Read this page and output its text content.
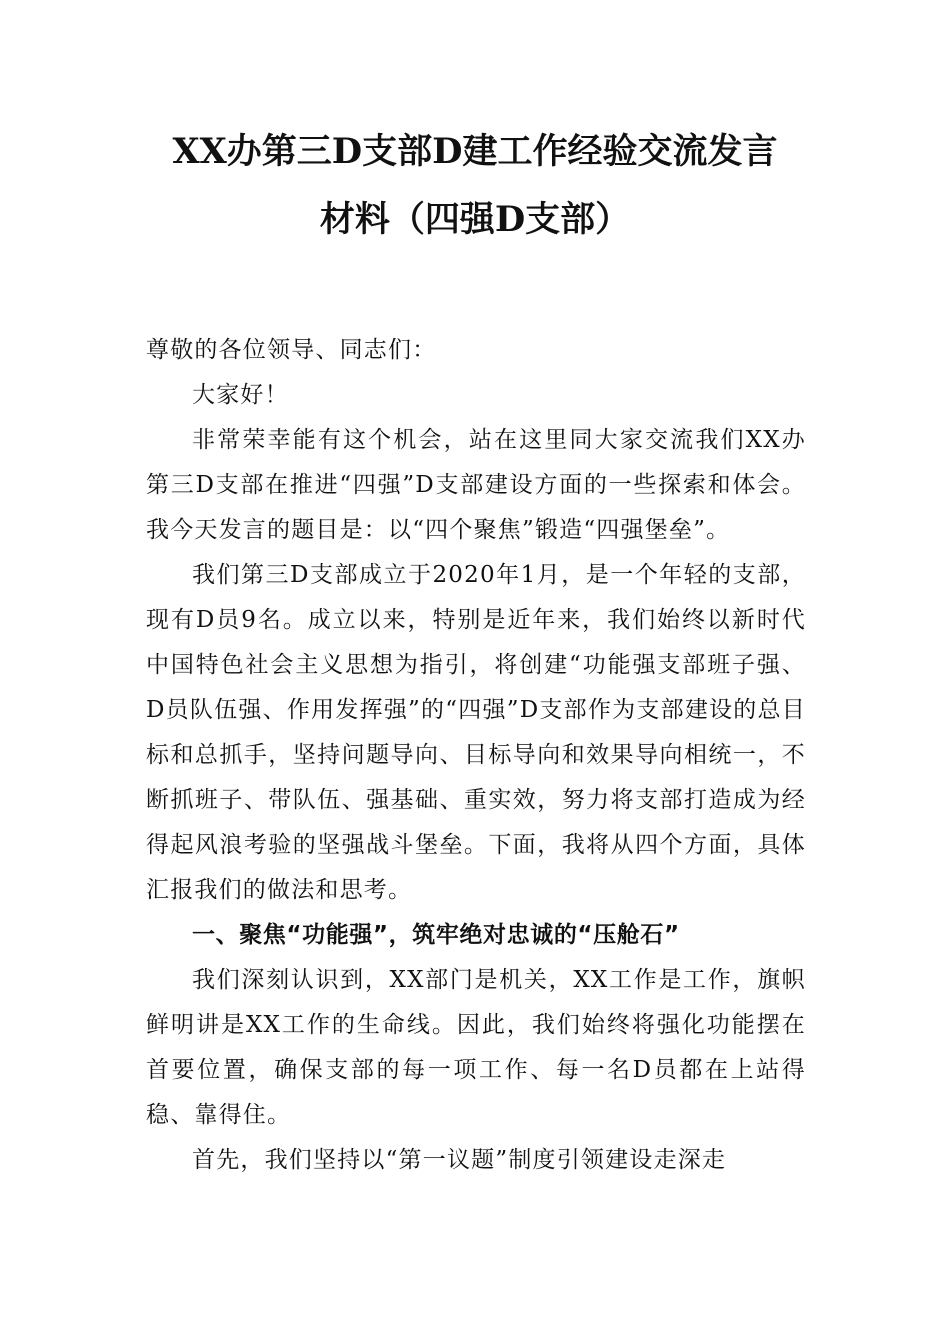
XX办第三D支部D建工作经验交流发言
材料（四强D支部）

尊敬的各位领导、同志们：

大家好！

非常荣幸能有这个机会，站在这里同大家交流我们XX办第三D支部在推进“四强”D支部建设方面的一些探索和体会。我今天发言的题目是：以“四个聚焦”锻造“四强堡垒”。

我们第三D支部成立于2020年1月，是一个年轻的支部，现有D员9名。成立以来，特别是近年来，我们始终以新时代中国特色社会主义思想为指引，将创建“功能强支部班子强、D员队伍强、作用发挥强”的“四强”D支部作为支部建设的总目标和总抓手，坚持问题导向、目标导向和效果导向相统一，不断抓班子、带队伍、强基础、重实效，努力将支部打造成为经得起风浪考验的坚强战斗堡垒。下面，我将从四个方面，具体汇报我们的做法和思考。

一、聚焦“功能强”，筑牢绝对忠诚的“压舱石”

我们深刻认识到，XX部门是机关，XX工作是工作，旗帜鲜明讲是XX工作的生命线。因此，我们始终将强化功能摆在首要位置，确保支部的每一项工作、每一名D员都在上站得稳、靠得住。

首先，我们坚持以“第一议题”制度引领建设走深走
